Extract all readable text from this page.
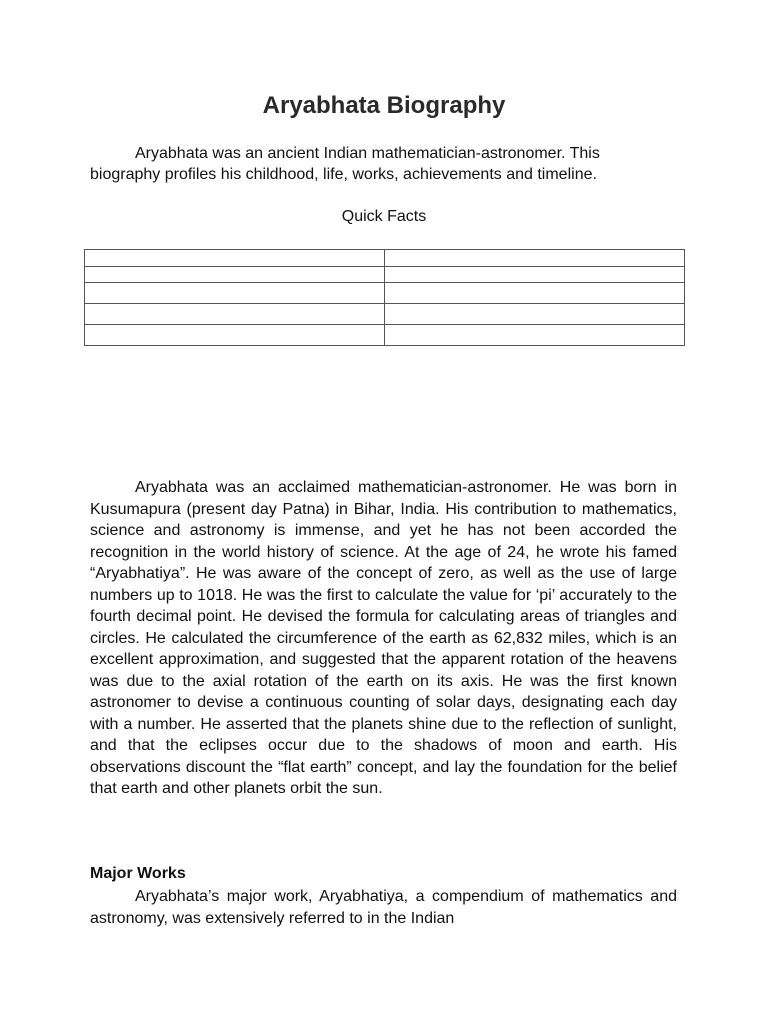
Aryabhata Biography

Aryabhata was an ancient Indian mathematician-astronomer. This
biography profiles his childhood, life, works, achievements and timeline.

Quick Facts

Aryabhata was an acclaimed mathematician-astronomer. He was born in Kusumapura (present day Patna) in Bihar, India. His contribution to mathematics, science and astronomy is immense, and yet he has not been accorded the recognition in the world history of science. At the age of 24, he wrote his famed “Aryabhatiya”. He was aware of the concept of zero, as well as the use of large numbers up to 1018. He was the first to calculate the value for ‘pi’ accurately to the fourth decimal point. He devised the formula for calculating areas of triangles and circles. He calculated the circumference of the earth as 62,832 miles, which is an excellent approximation, and suggested that the apparent rotation of the heavens was due to the axial rotation of the earth on its axis. He was the first known astronomer to devise a continuous counting of solar days, designating each day with a number. He asserted that the planets shine due to the reflection of sunlight, and that the eclipses occur due to the shadows of moon and earth. His observations discount the “flat earth” concept, and lay the foundation for the belief that earth and other planets orbit the sun.

Major Works

Aryabhata’s major work, Aryabhatiya, a compendium of mathematics and astronomy, was extensively referred to in the Indian
